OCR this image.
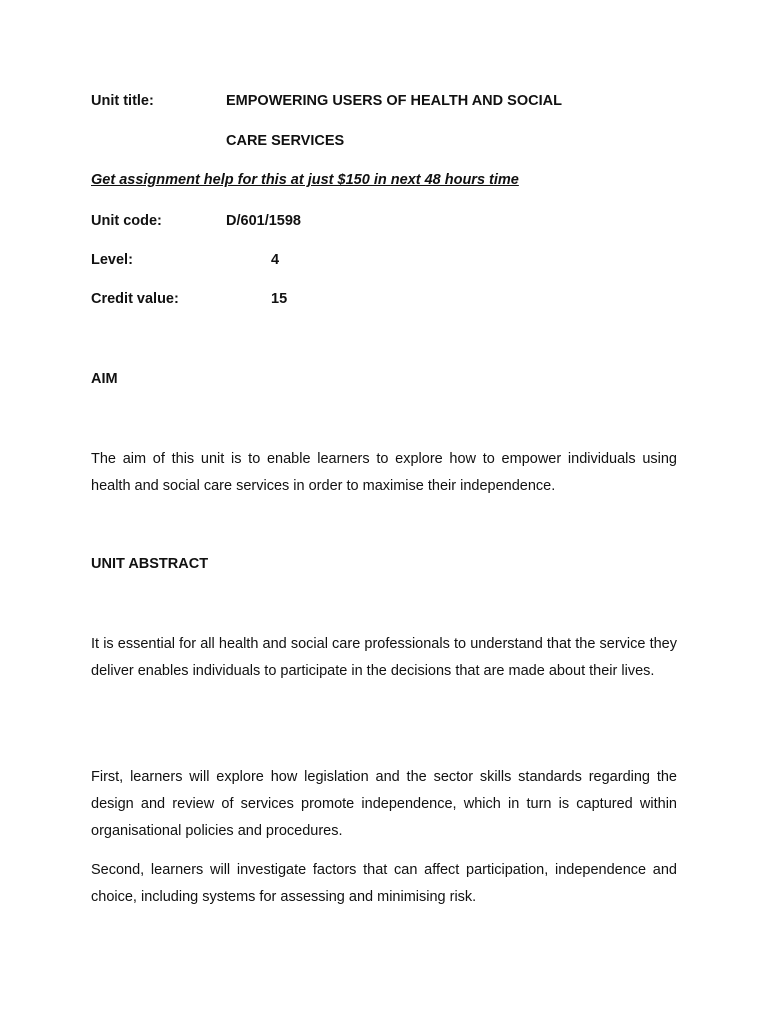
Unit title:	EMPOWERING USERS OF HEALTH AND SOCIAL
CARE SERVICES
Get assignment help for this at just $150 in next 48 hours time
Unit code:	D/601/1598
Level:	4
Credit value:	15
AIM

The aim of this unit is to enable learners to explore how to empower individuals using health and social care services in order to maximise their independence.

UNIT ABSTRACT

It is essential for all health and social care professionals to understand that the service they deliver enables individuals to participate in the decisions that are made about their lives.

First, learners will explore how legislation and the sector skills standards regarding the design and review of services promote independence, which in turn is captured within organisational policies and procedures.

Second, learners will investigate factors that can affect participation, independence and choice, including systems for assessing and minimising risk.
